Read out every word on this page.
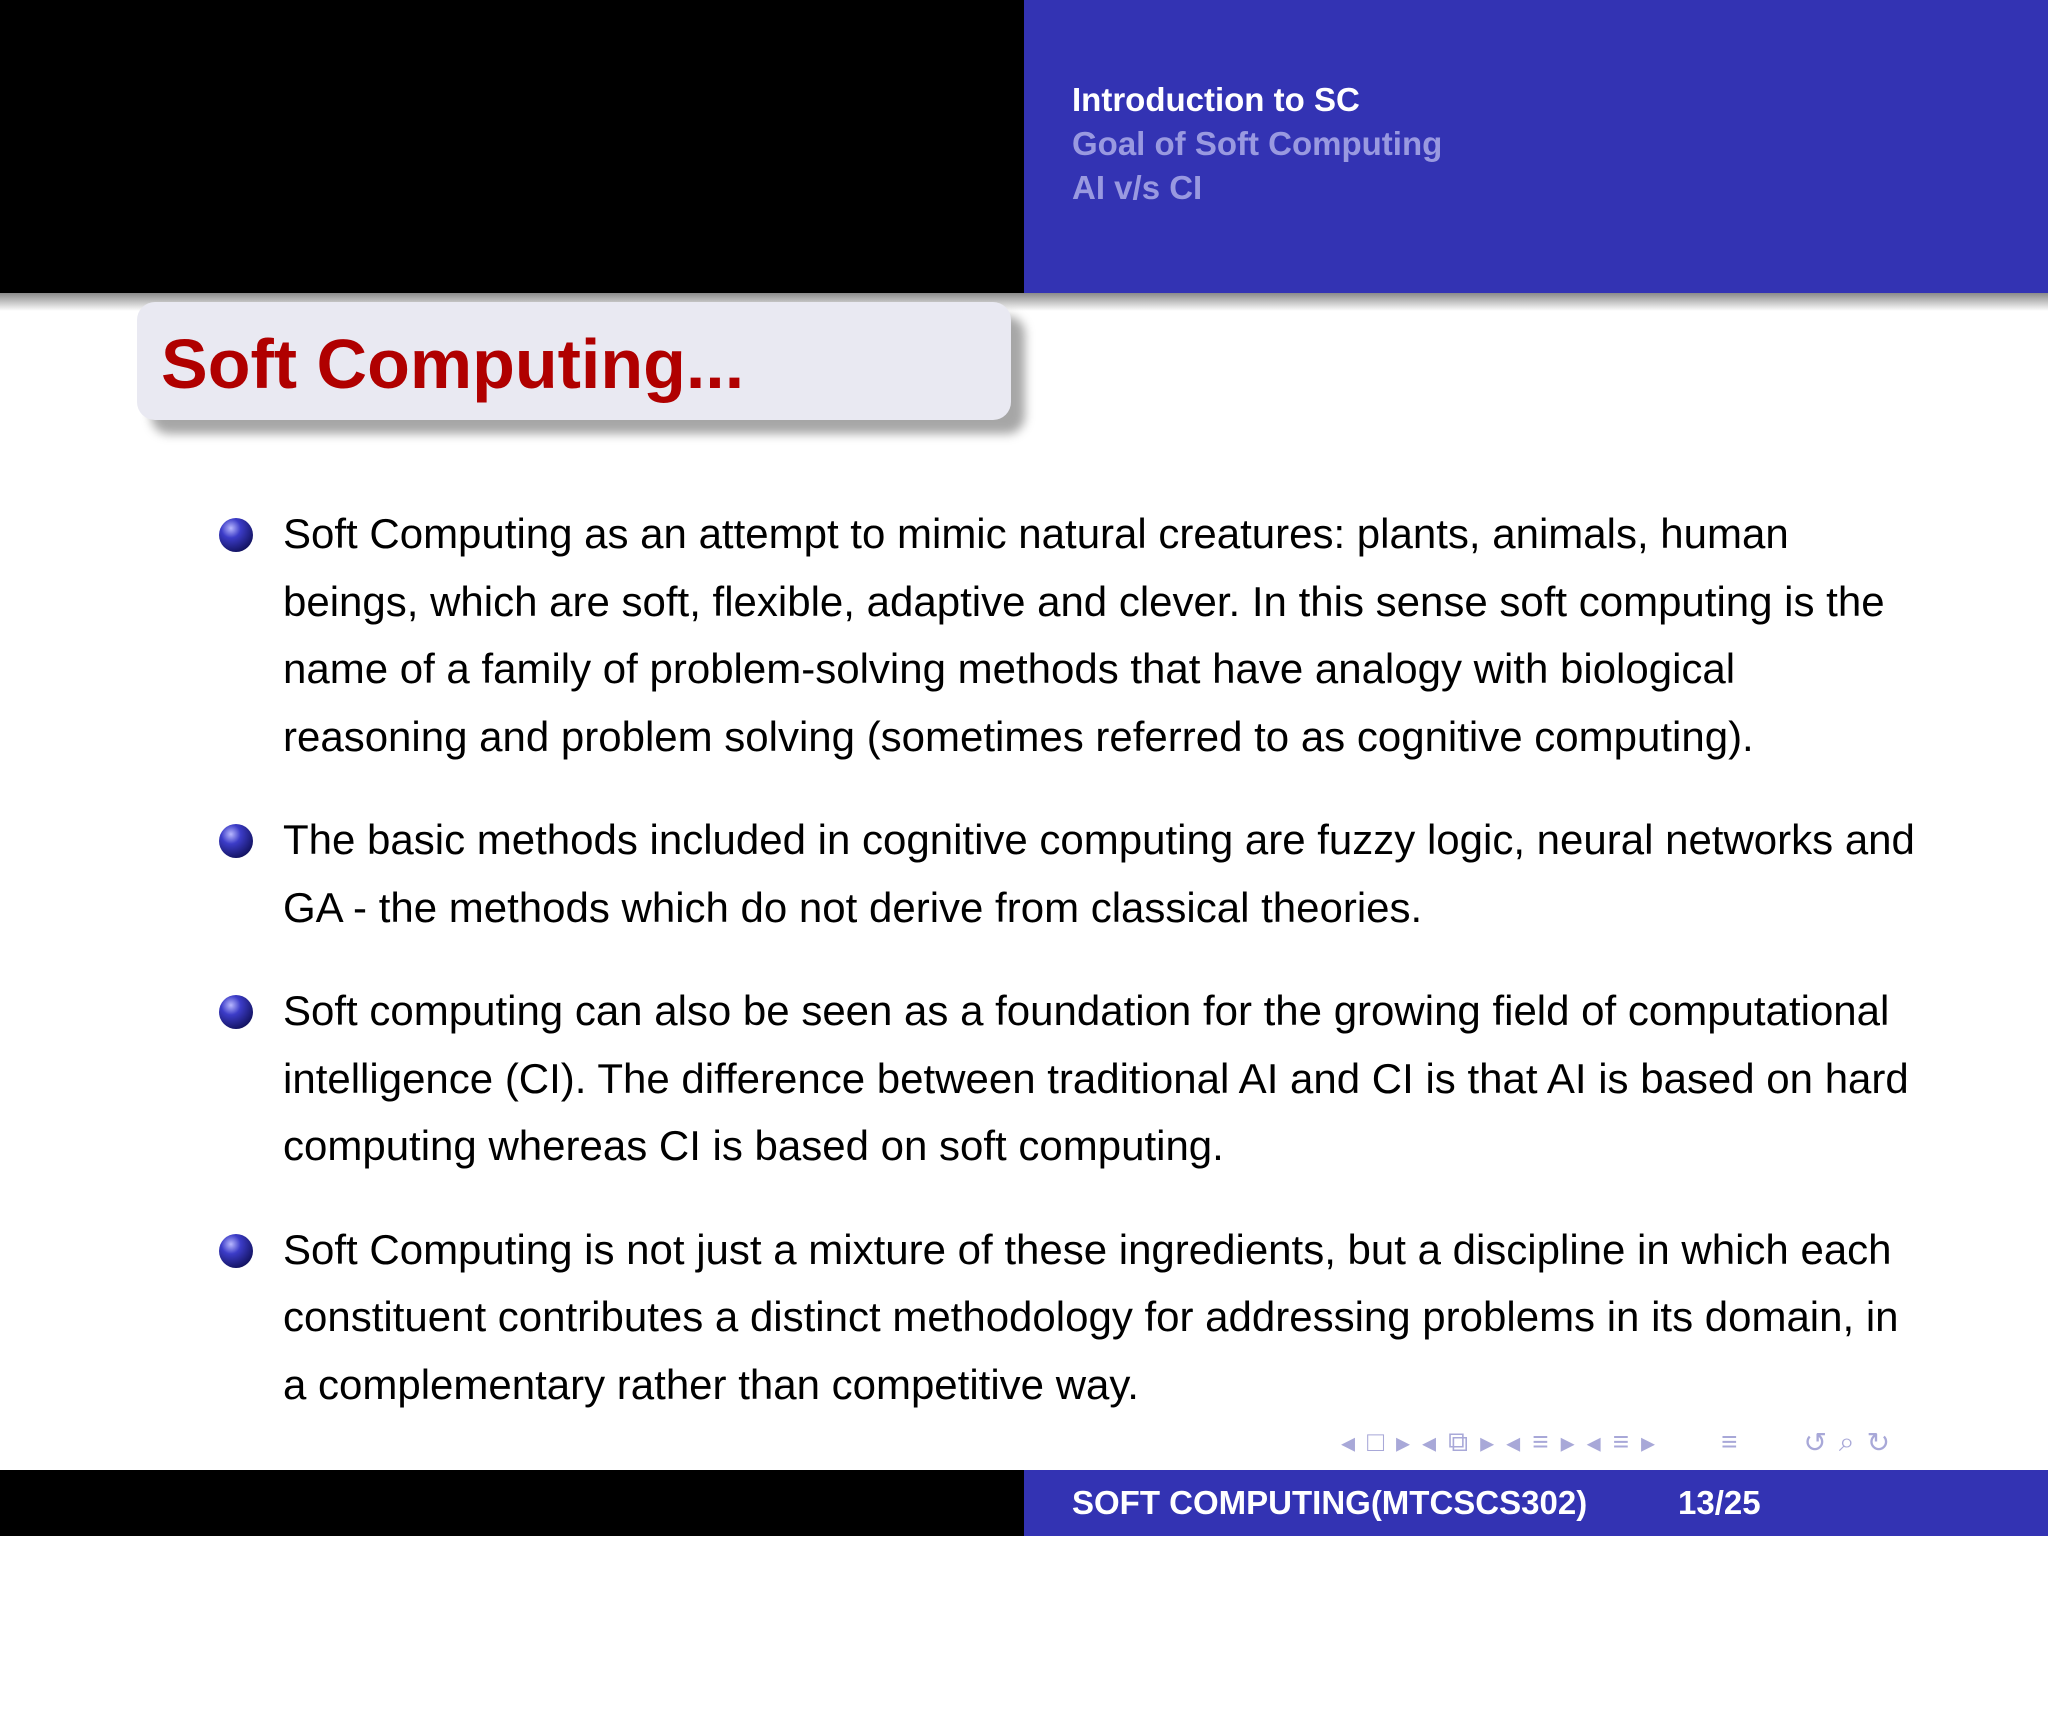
Introduction to SC
Goal of Soft Computing
AI v/s CI
Soft Computing...
Soft Computing as an attempt to mimic natural creatures: plants, animals, human beings, which are soft, flexible, adaptive and clever. In this sense soft computing is the name of a family of problem-solving methods that have analogy with biological reasoning and problem solving (sometimes referred to as cognitive computing).
The basic methods included in cognitive computing are fuzzy logic, neural networks and GA - the methods which do not derive from classical theories.
Soft computing can also be seen as a foundation for the growing field of computational intelligence (CI). The difference between traditional AI and CI is that AI is based on hard computing whereas CI is based on soft computing.
Soft Computing is not just a mixture of these ingredients, but a discipline in which each constituent contributes a distinct methodology for addressing problems in its domain, in a complementary rather than competitive way.
◂ □ ▸ ◂ ⧉ ▸ ◂ ≡ ▸ ◂ ≡ ▸ ≡ ↺ ⌕ ↻
SOFT COMPUTING(MTCSCS302)	13/25
